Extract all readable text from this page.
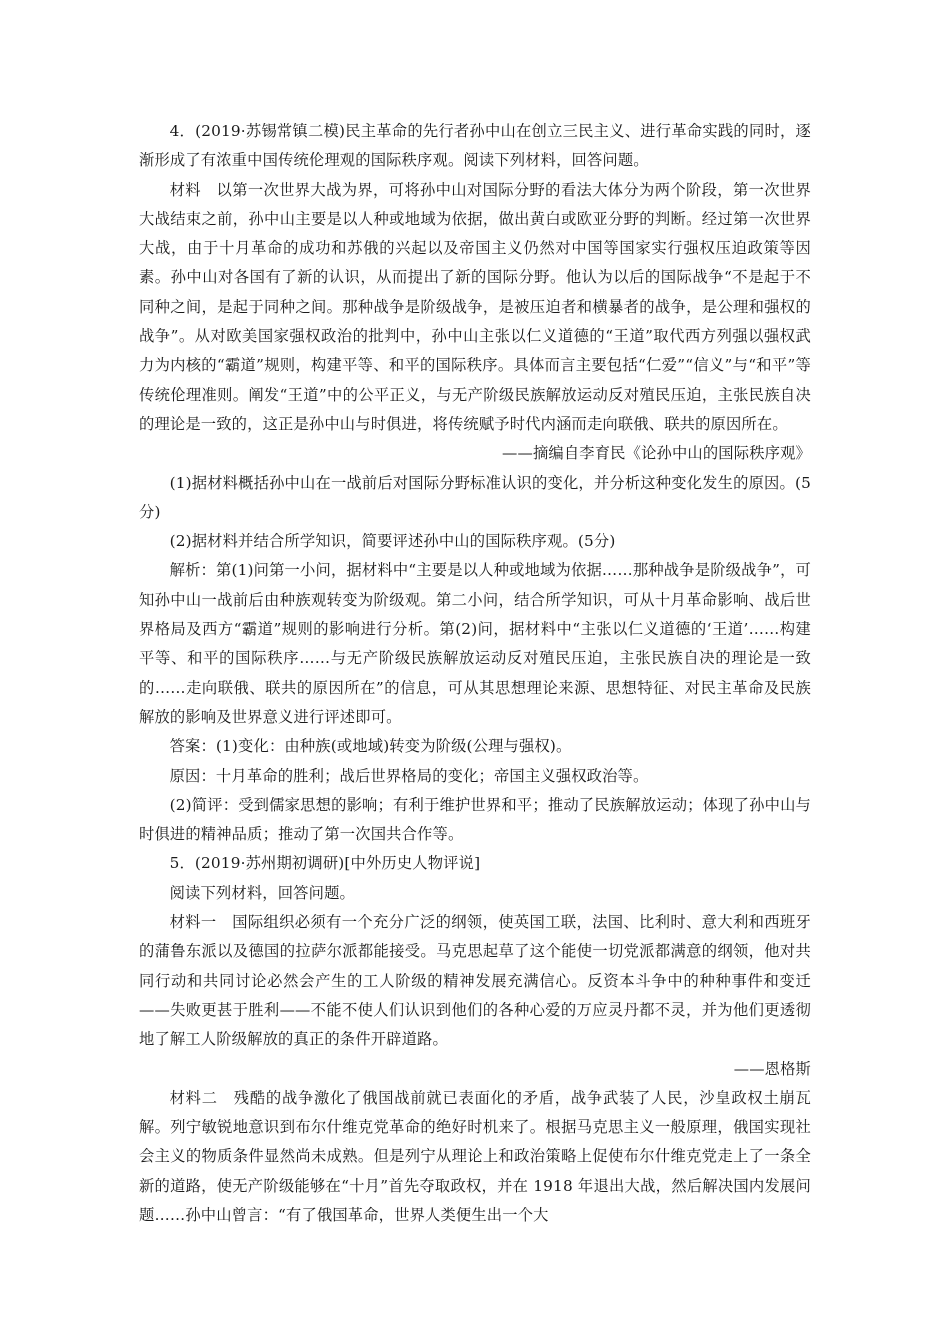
4．(2019·苏锡常镇二模)民主革命的先行者孙中山在创立三民主义、进行革命实践的同时，逐渐形成了有浓重中国传统伦理观的国际秩序观。阅读下列材料，回答问题。

材料　以第一次世界大战为界，可将孙中山对国际分野的看法大体分为两个阶段，第一次世界大战结束之前，孙中山主要是以人种或地域为依据，做出黄白或欧亚分野的判断。经过第一次世界大战，由于十月革命的成功和苏俄的兴起以及帝国主义仍然对中国等国家实行强权压迫政策等因素。孙中山对各国有了新的认识，从而提出了新的国际分野。他认为以后的国际战争“不是起于不同种之间，是起于同种之间。那种战争是阶级战争，是被压迫者和横暴者的战争，是公理和强权的战争”。从对欧美国家强权政治的批判中，孙中山主张以仁义道德的“王道”取代西方列强以强权武力为内核的“霸道”规则，构建平等、和平的国际秩序。具体而言主要包括“仁爱”“信义”与“和平”等传统伦理准则。阐发“王道”中的公平正义，与无产阶级民族解放运动反对殖民压迫，主张民族自决的理论是一致的，这正是孙中山与时俱进，将传统赋予时代内涵而走向联俄、联共的原因所在。

——摘编自李育民《论孙中山的国际秩序观》

(1)据材料概括孙中山在一战前后对国际分野标准认识的变化，并分析这种变化发生的原因。(5分)

(2)据材料并结合所学知识，简要评述孙中山的国际秩序观。(5分)

解析：第(1)问第一小问，据材料中“主要是以人种或地域为依据……那种战争是阶级战争”，可知孙中山一战前后由种族观转变为阶级观。第二小问，结合所学知识，可从十月革命影响、战后世界格局及西方“霸道”规则的影响进行分析。第(2)问，据材料中“主张以仁义道德的‘王道’……构建平等、和平的国际秩序……与无产阶级民族解放运动反对殖民压迫，主张民族自决的理论是一致的……走向联俄、联共的原因所在”的信息，可从其思想理论来源、思想特征、对民主革命及民族解放的影响及世界意义进行评述即可。

答案：(1)变化：由种族(或地域)转变为阶级(公理与强权)。

原因：十月革命的胜利；战后世界格局的变化；帝国主义强权政治等。

(2)简评：受到儒家思想的影响；有利于维护世界和平；推动了民族解放运动；体现了孙中山与时俱进的精神品质；推动了第一次国共合作等。

5．(2019·苏州期初调研)[中外历史人物评说]

阅读下列材料，回答问题。

材料一　国际组织必须有一个充分广泛的纲领，使英国工联，法国、比利时、意大利和西班牙的蒲鲁东派以及德国的拉萨尔派都能接受。马克思起草了这个能使一切党派都满意的纲领，他对共同行动和共同讨论必然会产生的工人阶级的精神发展充满信心。反资本斗争中的种种事件和变迁——失败更甚于胜利——不能不使人们认识到他们的各种心爱的万应灵丹都不灵，并为他们更透彻地了解工人阶级解放的真正的条件开辟道路。

——恩格斯

材料二　残酷的战争激化了俄国战前就已表面化的矛盾，战争武装了人民，沙皇政权土崩瓦解。列宁敏锐地意识到布尔什维克党革命的绝好时机来了。根据马克思主义一般原理，俄国实现社会主义的物质条件显然尚未成熟。但是列宁从理论上和政治策略上促使布尔什维克党走上了一条全新的道路，使无产阶级能够在“十月”首先夺取政权，并在 1918 年退出大战，然后解决国内发展问题……孙中山曾言：“有了俄国革命，世界人类便生出一个大
